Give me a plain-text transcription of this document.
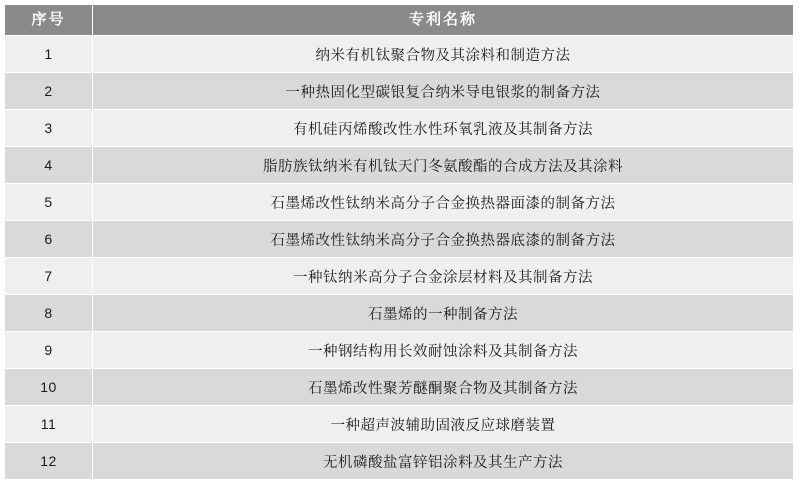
序号	专利名称
1	纳米有机钛聚合物及其涂料和制造方法
2	一种热固化型碳银复合纳米导电银浆的制备方法
3	有机硅丙烯酸改性水性环氧乳液及其制备方法
4	脂肪族钛纳米有机钛天门冬氨酸酯的合成方法及其涂料
5	石墨烯改性钛纳米高分子合金换热器面漆的制备方法
6	石墨烯改性钛纳米高分子合金换热器底漆的制备方法
7	一种钛纳米高分子合金涂层材料及其制备方法
8	石墨烯的一种制备方法
9	一种钢结构用长效耐蚀涂料及其制备方法
10	石墨烯改性聚芳醚酮聚合物及其制备方法
11	一种超声波辅助固液反应球磨装置
12	无机磷酸盐富锌铝涂料及其生产方法
